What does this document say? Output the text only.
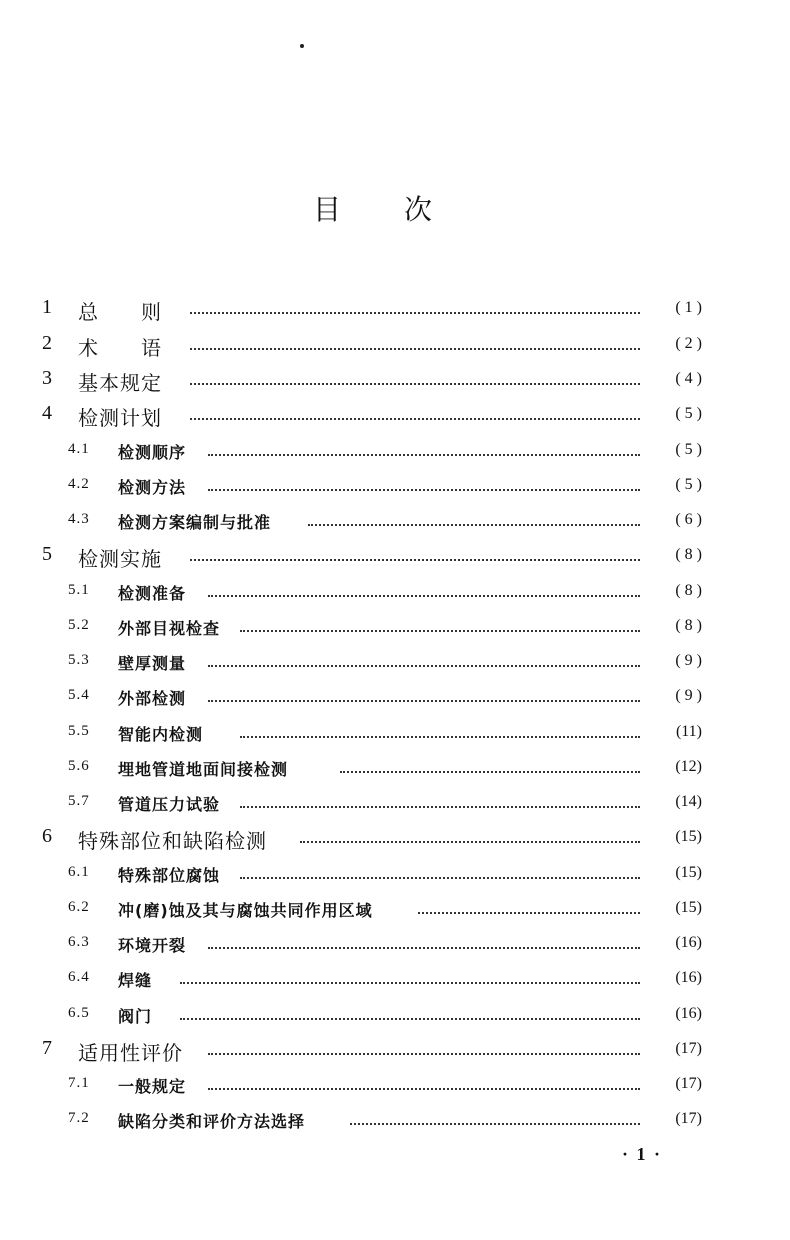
目 次
1 总　　则	( 1 )
2 术　　语	( 2 )
3 基本规定	( 4 )
4 检测计划	( 5 )
4.1 检测顺序	( 5 )
4.2 检测方法	( 5 )
4.3 检测方案编制与批准	( 6 )
5 检测实施	( 8 )
5.1 检测准备	( 8 )
5.2 外部目视检查	( 8 )
5.3 壁厚测量	( 9 )
5.4 外部检测	( 9 )
5.5 智能内检测	(11)
5.6 埋地管道地面间接检测	(12)
5.7 管道压力试验	(14)
6 特殊部位和缺陷检测	(15)
6.1 特殊部位腐蚀	(15)
6.2 冲(磨)蚀及其与腐蚀共同作用区域	(15)
6.3 环境开裂	(16)
6.4 焊缝	(16)
6.5 阀门	(16)
7 适用性评价	(17)
7.1 一般规定	(17)
7.2 缺陷分类和评价方法选择	(17)
· 1 ·
